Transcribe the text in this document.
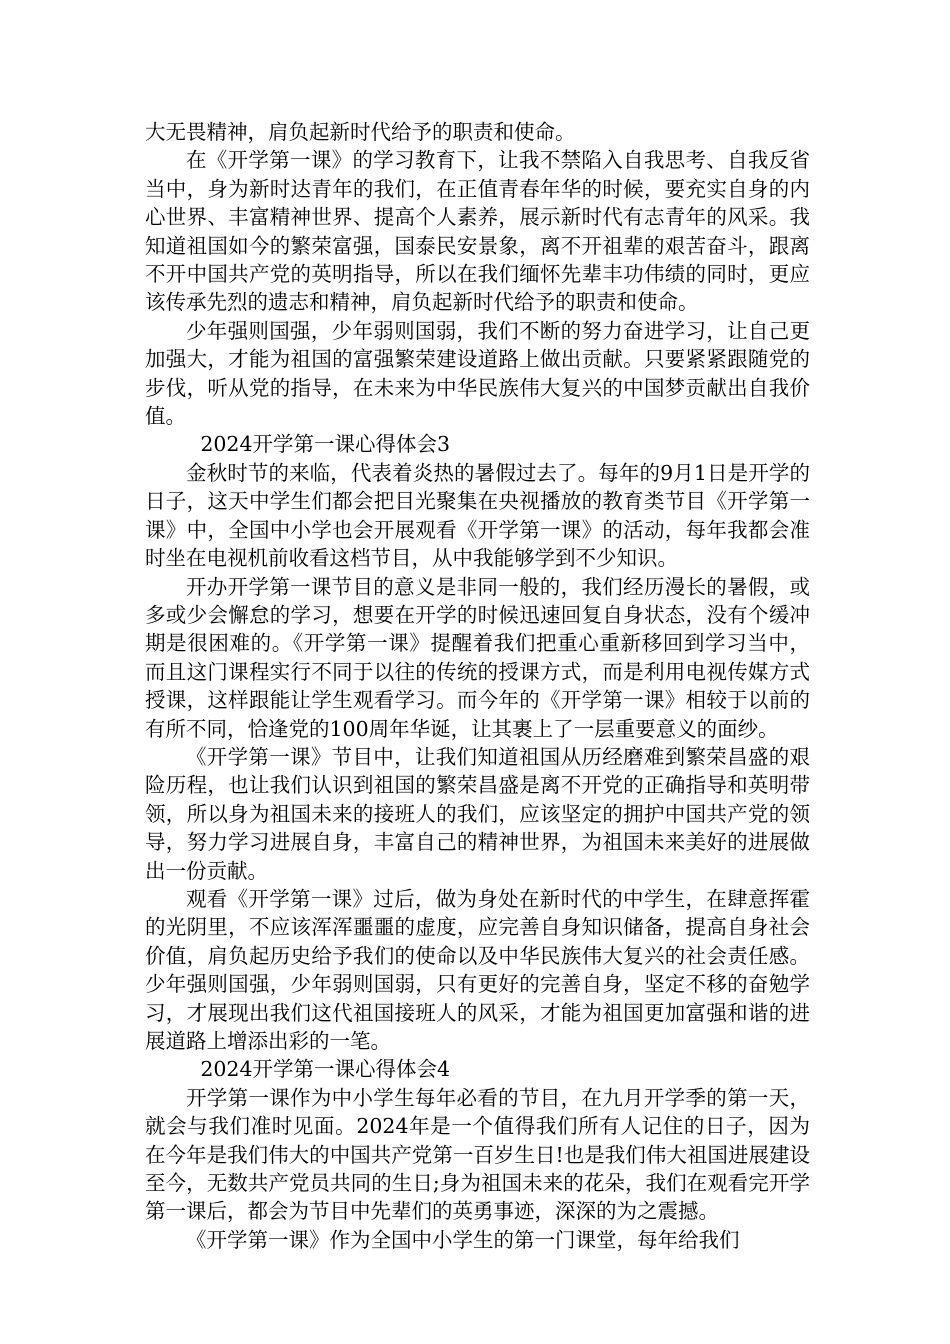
大无畏精神，肩负起新时代给予的职责和使命。

在《开学第一课》的学习教育下，让我不禁陷入自我思考、自我反省当中，身为新时达青年的我们，在正值青春年华的时候，要充实自身的内心世界、丰富精神世界、提高个人素养，展示新时代有志青年的风采。我知道祖国如今的繁荣富强，国泰民安景象，离不开祖辈的艰苦奋斗，跟离不开中国共产党的英明指导，所以在我们缅怀先辈丰功伟绩的同时，更应该传承先烈的遗志和精神，肩负起新时代给予的职责和使命。

少年强则国强，少年弱则国弱，我们不断的努力奋进学习，让自己更加强大，才能为祖国的富强繁荣建设道路上做出贡献。只要紧紧跟随党的步伐，听从党的指导，在未来为中华民族伟大复兴的中国梦贡献出自我价值。

2024开学第一课心得体会3

金秋时节的来临，代表着炎热的暑假过去了。每年的9月1日是开学的日子，这天中学生们都会把目光聚集在央视播放的教育类节目《开学第一课》中，全国中小学也会开展观看《开学第一课》的活动，每年我都会准时坐在电视机前收看这档节目，从中我能够学到不少知识。

开办开学第一课节目的意义是非同一般的，我们经历漫长的暑假，或多或少会懈怠的学习，想要在开学的时候迅速回复自身状态，没有个缓冲期是很困难的。《开学第一课》提醒着我们把重心重新移回到学习当中，而且这门课程实行不同于以往的传统的授课方式，而是利用电视传媒方式授课，这样跟能让学生观看学习。而今年的《开学第一课》相较于以前的有所不同，恰逢党的100周年华诞，让其裹上了一层重要意义的面纱。

《开学第一课》节目中，让我们知道祖国从历经磨难到繁荣昌盛的艰险历程，也让我们认识到祖国的繁荣昌盛是离不开党的正确指导和英明带领，所以身为祖国未来的接班人的我们，应该坚定的拥护中国共产党的领导，努力学习进展自身，丰富自己的精神世界，为祖国未来美好的进展做出一份贡献。

观看《开学第一课》过后，做为身处在新时代的中学生，在肆意挥霍的光阴里，不应该浑浑噩噩的虚度，应完善自身知识储备，提高自身社会价值，肩负起历史给予我们的使命以及中华民族伟大复兴的社会责任感。少年强则国强，少年弱则国弱，只有更好的完善自身，坚定不移的奋勉学习，才展现出我们这代祖国接班人的风采，才能为祖国更加富强和谐的进展道路上增添出彩的一笔。

2024开学第一课心得体会4

开学第一课作为中小学生每年必看的节目，在九月开学季的第一天，就会与我们准时见面。2024年是一个值得我们所有人记住的日子，因为在今年是我们伟大的中国共产党第一百岁生日!也是我们伟大祖国进展建设至今，无数共产党员共同的生日;身为祖国未来的花朵，我们在观看完开学第一课后，都会为节目中先辈们的英勇事迹，深深的为之震撼。

《开学第一课》作为全国中小学生的第一门课堂，每年给我们
